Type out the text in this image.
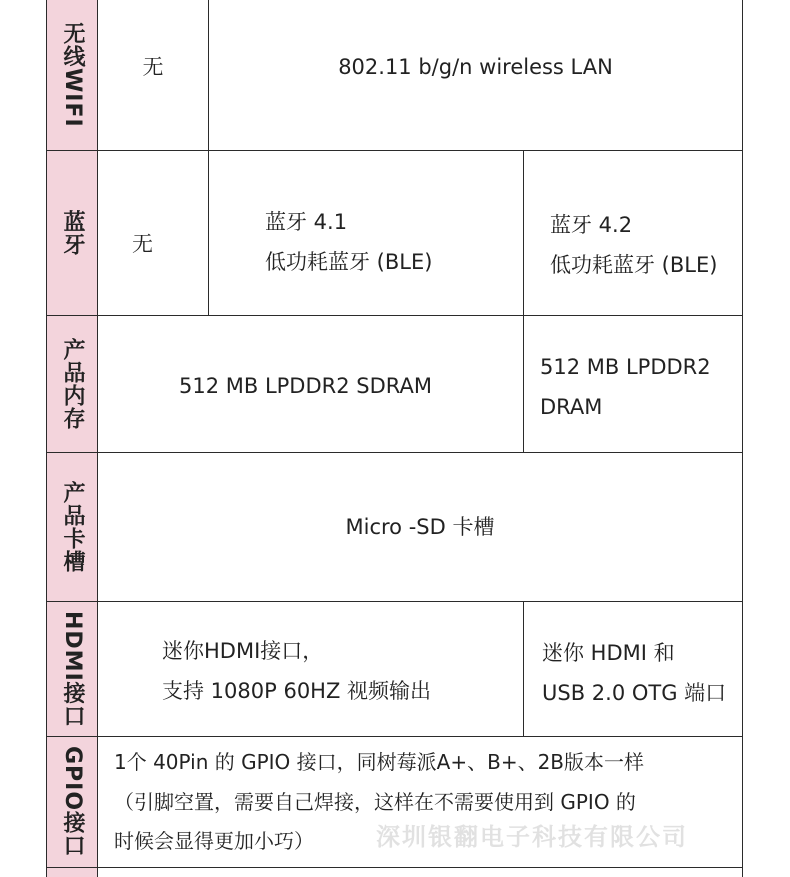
无线WIFI
蓝牙
产品内存
产品卡槽
HDMI接口
GPIO接口
无	802.11 b/g/n wireless LAN
无
蓝牙 4.1
低功耗蓝牙 (BLE)
蓝牙 4.2
低功耗蓝牙 (BLE)
512 MB LPDDR2 SDRAM
512 MB LPDDR2
DRAM
Micro -SD 卡槽
迷你HDMI接口，
支持 1080P 60HZ 视频输出
迷你 HDMI 和
USB 2.0 OTG 端口
1个 40Pin 的 GPIO 接口，同树莓派A+、B+、2B版本一样
（引脚空置，需要自己焊接，这样在不需要使用到 GPIO 的
时候会显得更加小巧）	深圳银翻电子科技有限公司
